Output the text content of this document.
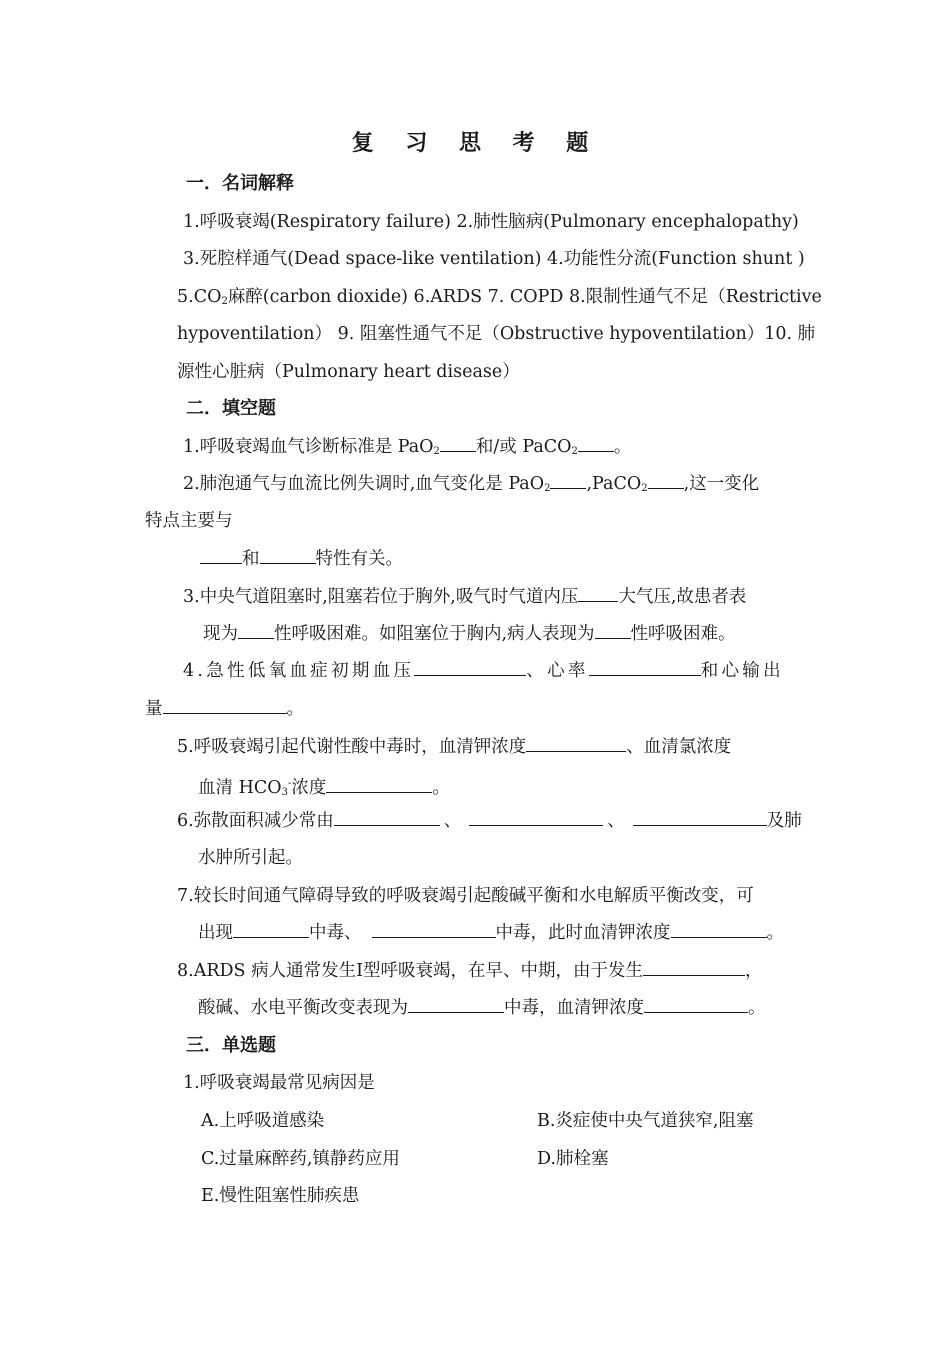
复 习 思 考 题
一．名词解释
1.呼吸衰竭(Respiratory failure) 2.肺性脑病(Pulmonary encephalopathy)
3.死腔样通气(Dead space-like ventilation) 4.功能性分流(Function shunt )
$5.CO_2$麻醉(carbon dioxide) 6.ARDS 7. COPD 8.限制性通气不足（Restrictive
hypoventilation） 9. 阻塞性通气不足（Obstructive hypoventilation） 10. 肺
源性心脏病（Pulmonary heart disease）
二．填空题
1.呼吸衰竭血气诊断标准是 PaO$_2$ 和/或 PaCO$_2$ 。
2.肺泡通气与血流比例失调时,血气变化是 PaO$_2$ ,PaCO$_2$ ,这一变化
特点主要与
和	特性有关。
3.中央气道阻塞时,阻塞若位于胸外,吸气时气道内压 大气压,故患者表
现为 性呼吸困难。如阻塞位于胸内,病人表现为 性呼吸困难。
4.急性低氧血症初期血压	、心率	和心输出
量	。
5.呼吸衰竭引起代谢性酸中毒时，血清钾浓度	、血清氯浓度
血清 $HCO_3^-$浓度	。
6.弥散面积减少常由	、	、	及肺
水肿所引起。
7.较长时间通气障碍导致的呼吸衰竭引起酸碱平衡和水电解质平衡改变，可
出现	中毒、	中毒，此时血清钾浓度	。
8.ARDS 病人通常发生Ⅰ型呼吸衰竭，在早、中期，由于发生	，
酸碱、水电平衡改变表现为	中毒，血清钾浓度	。
三．单选题
1.呼吸衰竭最常见病因是
A.上呼吸道感染	B.炎症使中央气道狭窄,阻塞
C.过量麻醉药,镇静药应用	D.肺栓塞
E.慢性阻塞性肺疾患
